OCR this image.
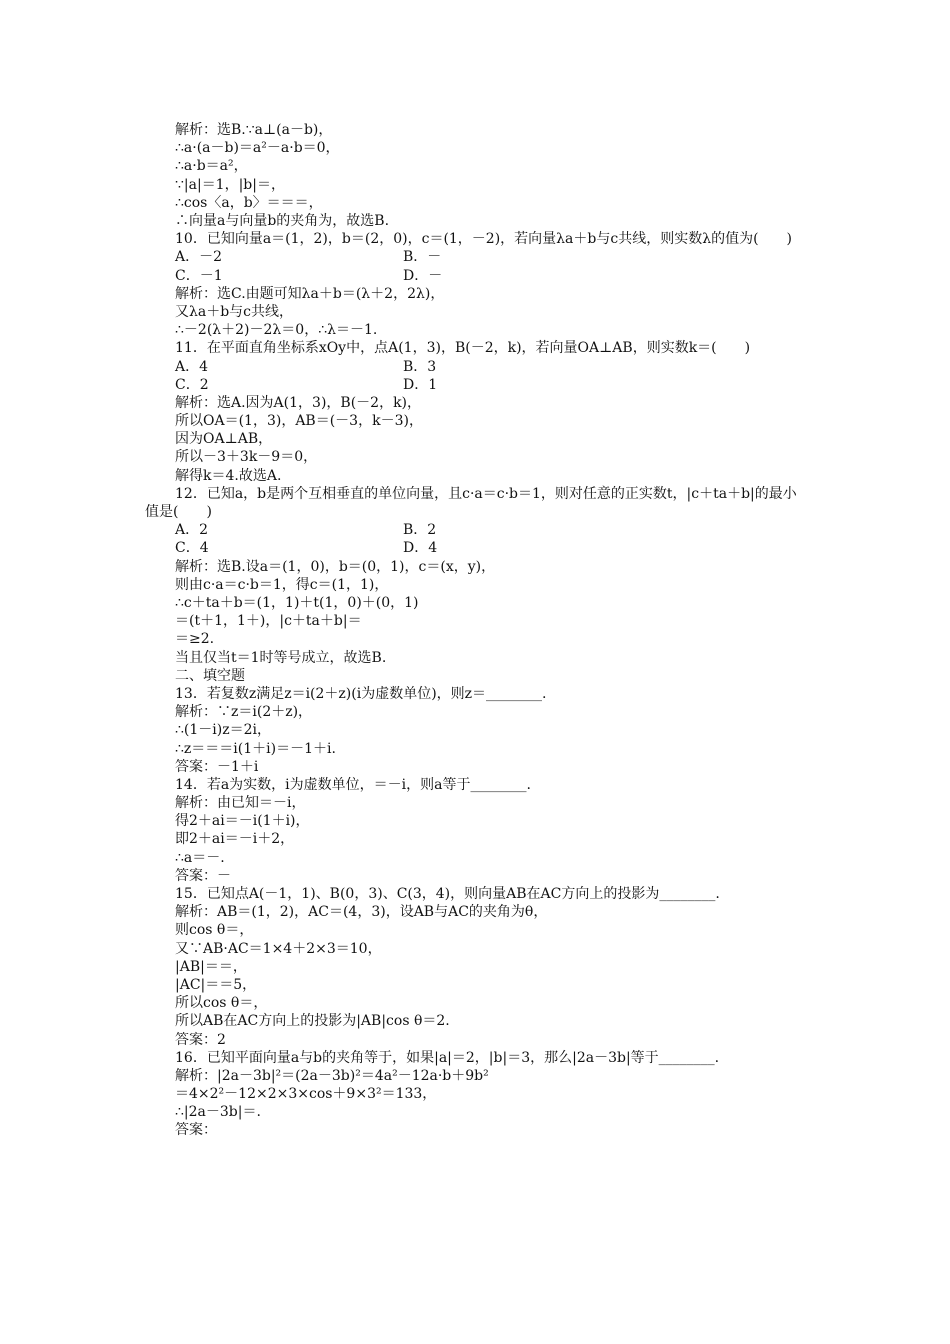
解析：选B.∵a⊥(a－b)，
∴a·(a－b)＝a²－a·b＝0，
∴a·b＝a²，
∵|a|＝1，|b|＝，
∴cos〈a，b〉＝＝＝，
∴向量a与向量b的夹角为，故选B.
10．已知向量a＝(1，2)，b＝(2，0)，c＝(1，－2)，若向量λa＋b与c共线，则实数λ的值为(　　)
A．－2	B．－
C．－1	D．－
解析：选C.由题可知λa＋b＝(λ＋2，2λ)，
又λa＋b与c共线，
∴－2(λ＋2)－2λ＝0，∴λ＝－1.
11．在平面直角坐标系xOy中，点A(1，3)，B(－2，k)，若向量OA⊥AB，则实数k＝(　　)
A．4	B．3
C．2	D．1
解析：选A.因为A(1，3)，B(－2，k)，
所以OA＝(1，3)，AB＝(－3，k－3)，
因为OA⊥AB，
所以－3＋3k－9＝0，
解得k＝4.故选A.
12．已知a，b是两个互相垂直的单位向量，且c·a＝c·b＝1，则对任意的正实数t，|c＋ta＋b|的最小值是(　　)
A．2	B．2
C．4	D．4
解析：选B.设a＝(1，0)，b＝(0，1)，c＝(x，y)，
则由c·a＝c·b＝1，得c＝(1，1)，
∴c＋ta＋b＝(1，1)＋t(1，0)＋(0，1)
＝(t＋1，1＋)，|c＋ta＋b|＝
＝≥2.
当且仅当t＝1时等号成立，故选B.
二、填空题
13．若复数z满足z＝i(2＋z)(i为虚数单位)，则z＝________.
解析：∵z＝i(2＋z)，
∴(1－i)z＝2i，
∴z＝＝＝i(1＋i)＝－1＋i.
答案：－1＋i
14．若a为实数，i为虚数单位，＝－i，则a等于________.
解析：由已知＝－i，
得2＋ai＝－i(1＋i)，
即2＋ai＝－i＋2，
∴a＝－.
答案：－
15．已知点A(－1，1)、B(0，3)、C(3，4)，则向量AB在AC方向上的投影为________.
解析：AB＝(1，2)，AC＝(4，3)，设AB与AC的夹角为θ，
则cos θ＝，
又∵AB·AC＝1×4＋2×3＝10，
|AB|＝＝，
|AC|＝＝5，
所以cos θ＝，
所以AB在AC方向上的投影为|AB|cos θ＝2.
答案：2
16．已知平面向量a与b的夹角等于，如果|a|＝2，|b|＝3，那么|2a－3b|等于________.
解析：|2a－3b|²＝(2a－3b)²＝4a²－12a·b＋9b²
＝4×2²－12×2×3×cos＋9×3²＝133，
∴|2a－3b|＝.
答案：
